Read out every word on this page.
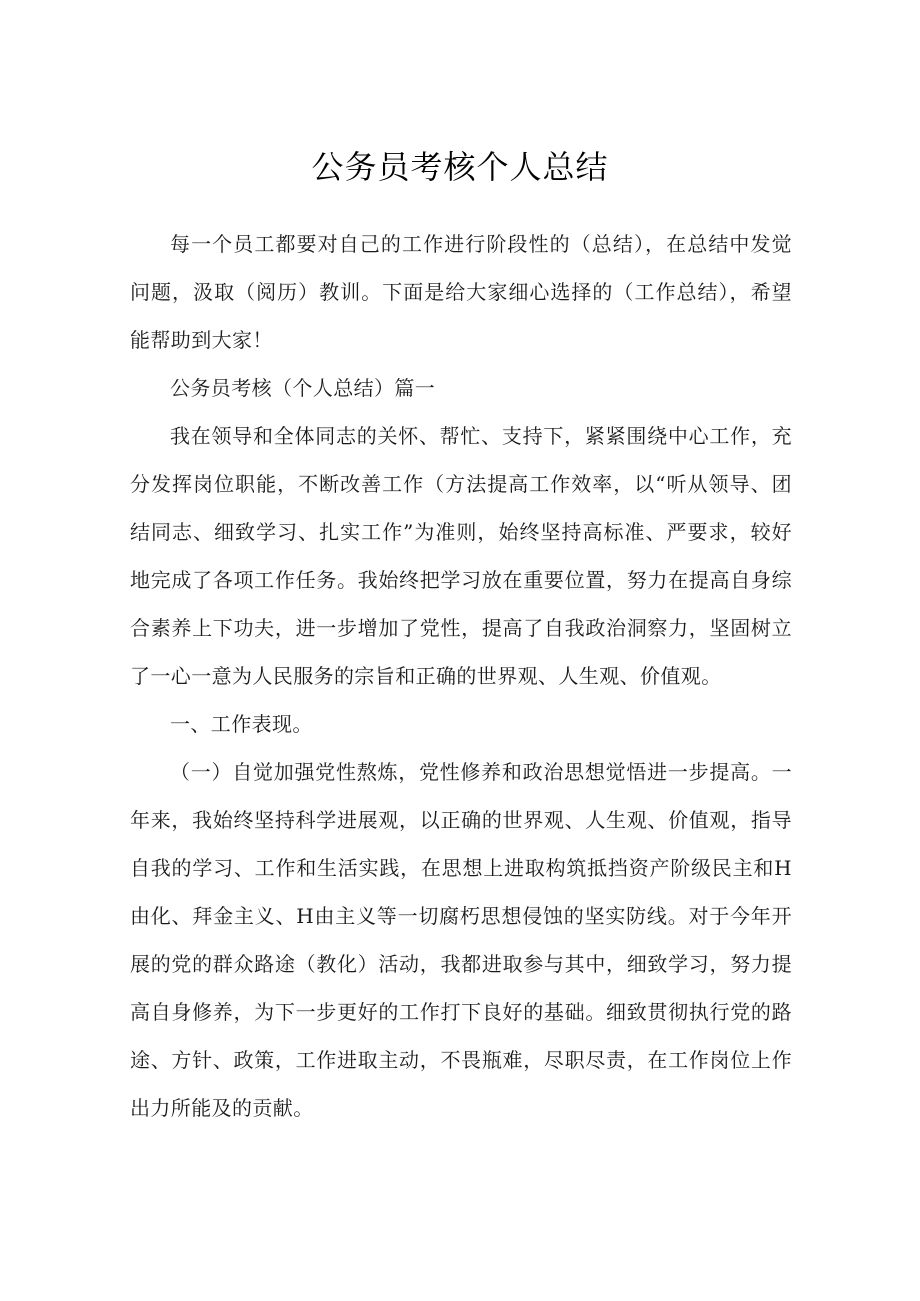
公务员考核个人总结

每一个员工都要对自己的工作进行阶段性的（总结），在总结中发觉问题，汲取（阅历）教训。下面是给大家细心选择的（工作总结），希望能帮助到大家！

公务员考核（个人总结）篇一

我在领导和全体同志的关怀、帮忙、支持下，紧紧围绕中心工作，充分发挥岗位职能，不断改善工作（方法提高工作效率，以“听从领导、团结同志、细致学习、扎实工作”为准则，始终坚持高标准、严要求，较好地完成了各项工作任务。我始终把学习放在重要位置，努力在提高自身综合素养上下功夫，进一步增加了党性，提高了自我政治洞察力，坚固树立了一心一意为人民服务的宗旨和正确的世界观、人生观、价值观。

一、工作表现。

（一）自觉加强党性熬炼，党性修养和政治思想觉悟进一步提高。一年来，我始终坚持科学进展观，以正确的世界观、人生观、价值观，指导自我的学习、工作和生活实践，在思想上进取构筑抵挡资产阶级民主和H由化、拜金主义、H由主义等一切腐朽思想侵蚀的坚实防线。对于今年开展的党的群众路途（教化）活动，我都进取参与其中，细致学习，努力提高自身修养，为下一步更好的工作打下良好的基础。细致贯彻执行党的路途、方针、政策，工作进取主动，不畏瓶难，尽职尽责，在工作岗位上作出力所能及的贡献。
